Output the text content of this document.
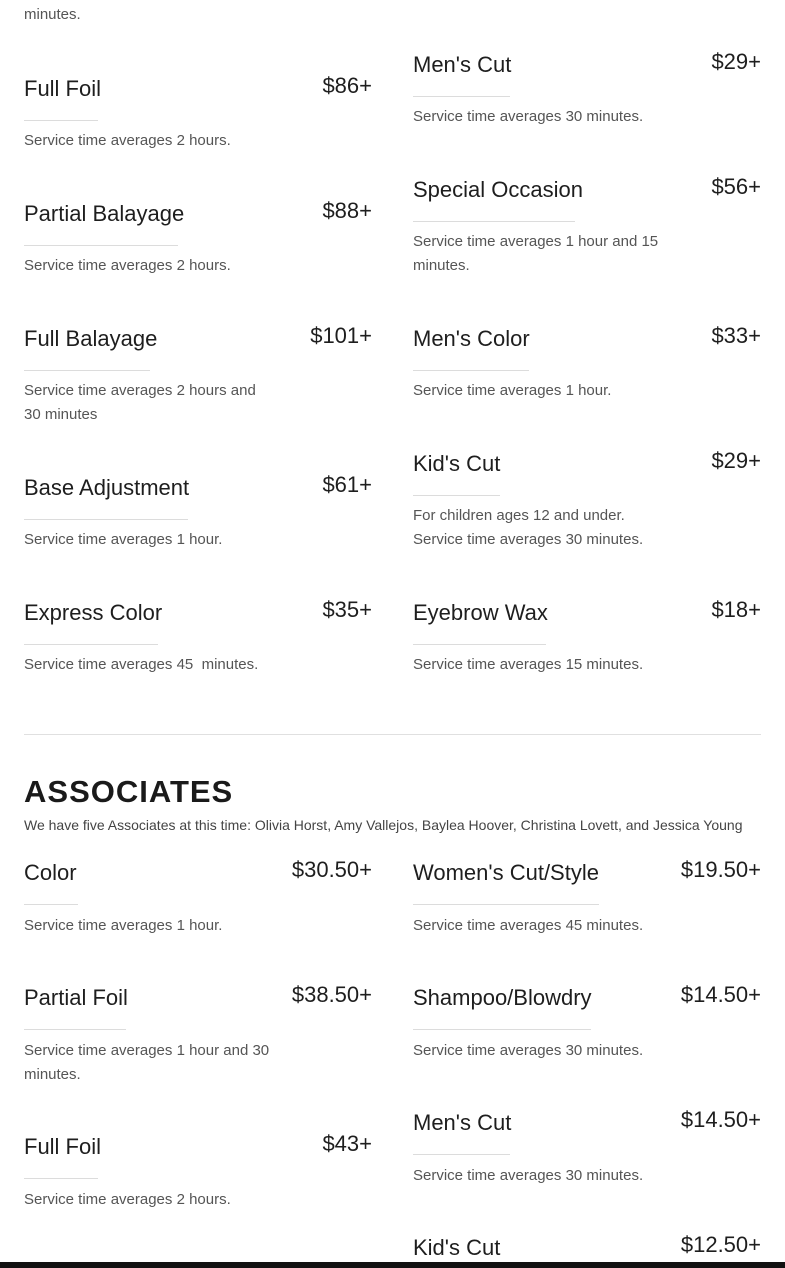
minutes.
Full Foil	$86+
Service time averages 2 hours.
Partial Balayage	$88+
Service time averages 2 hours.
Full Balayage	$101+
Service time averages 2 hours and 30 minutes
Base Adjustment	$61+
Service time averages 1 hour.
Express Color	$35+
Service time averages 45  minutes.
Men's Cut	$29+
Service time averages 30 minutes.
Special Occasion	$56+
Service time averages 1 hour and 15 minutes.
Men's Color	$33+
Service time averages 1 hour.
Kid's Cut	$29+
For children ages 12 and under. Service time averages 30 minutes.
Eyebrow Wax	$18+
Service time averages 15 minutes.
ASSOCIATES
We have five Associates at this time: Olivia Horst, Amy Vallejos, Baylea Hoover, Christina Lovett, and Jessica Young
Color	$30.50+
Service time averages 1 hour.
Partial Foil	$38.50+
Service time averages 1 hour and 30 minutes.
Full Foil	$43+
Service time averages 2 hours.
Women's Cut/Style	$19.50+
Service time averages 45 minutes.
Shampoo/Blowdry	$14.50+
Service time averages 30 minutes.
Men's Cut	$14.50+
Service time averages 30 minutes.
Kid's Cut	$12.50+
